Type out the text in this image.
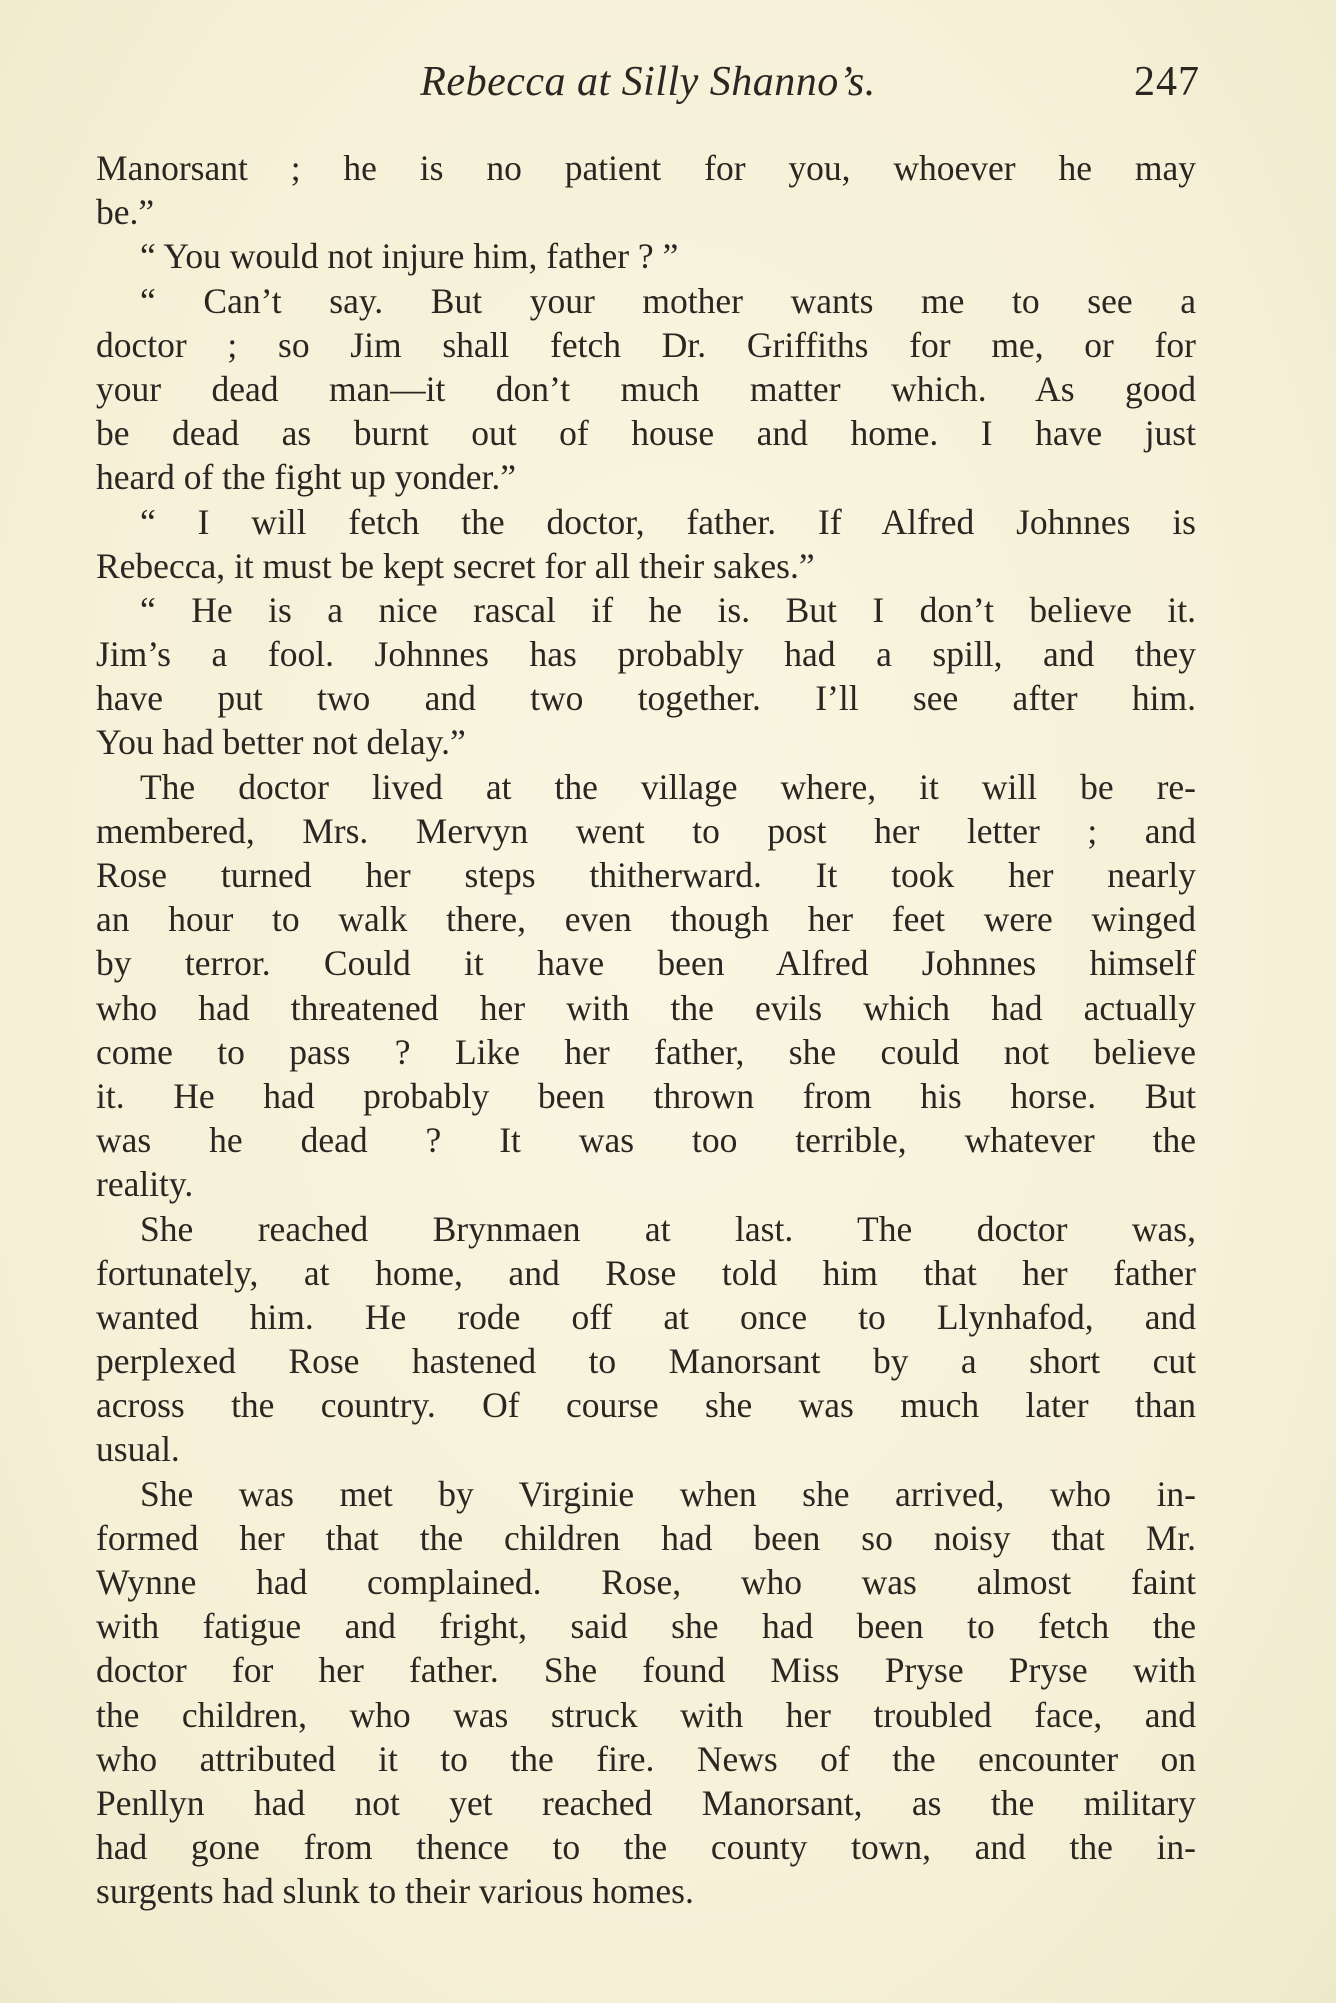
Rebecca at Silly Shanno’s.	247
Manorsant ; he is no patient for you, whoever he may
be.”
“ You would not injure him, father ? ”
“ Can’t say. But your mother wants me to see a
doctor ; so Jim shall fetch Dr. Griffiths for me, or for
your dead man—it don’t much matter which. As good
be dead as burnt out of house and home. I have just
heard of the fight up yonder.”
“ I will fetch the doctor, father. If Alfred Johnnes is
Rebecca, it must be kept secret for all their sakes.”
“ He is a nice rascal if he is. But I don’t believe it.
Jim’s a fool. Johnnes has probably had a spill, and they
have put two and two together. I’ll see after him.
You had better not delay.”
The doctor lived at the village where, it will be re-
membered, Mrs. Mervyn went to post her letter ; and
Rose turned her steps thitherward. It took her nearly
an hour to walk there, even though her feet were winged
by terror. Could it have been Alfred Johnnes himself
who had threatened her with the evils which had actually
come to pass ? Like her father, she could not believe
it. He had probably been thrown from his horse. But
was he dead ? It was too terrible, whatever the
reality.
She reached Brynmaen at last. The doctor was,
fortunately, at home, and Rose told him that her father
wanted him. He rode off at once to Llynhafod, and
perplexed Rose hastened to Manorsant by a short cut
across the country. Of course she was much later than
usual.
She was met by Virginie when she arrived, who in-
formed her that the children had been so noisy that Mr.
Wynne had complained. Rose, who was almost faint
with fatigue and fright, said she had been to fetch the
doctor for her father. She found Miss Pryse Pryse with
the children, who was struck with her troubled face, and
who attributed it to the fire. News of the encounter on
Penllyn had not yet reached Manorsant, as the military
had gone from thence to the county town, and the in-
surgents had slunk to their various homes.
